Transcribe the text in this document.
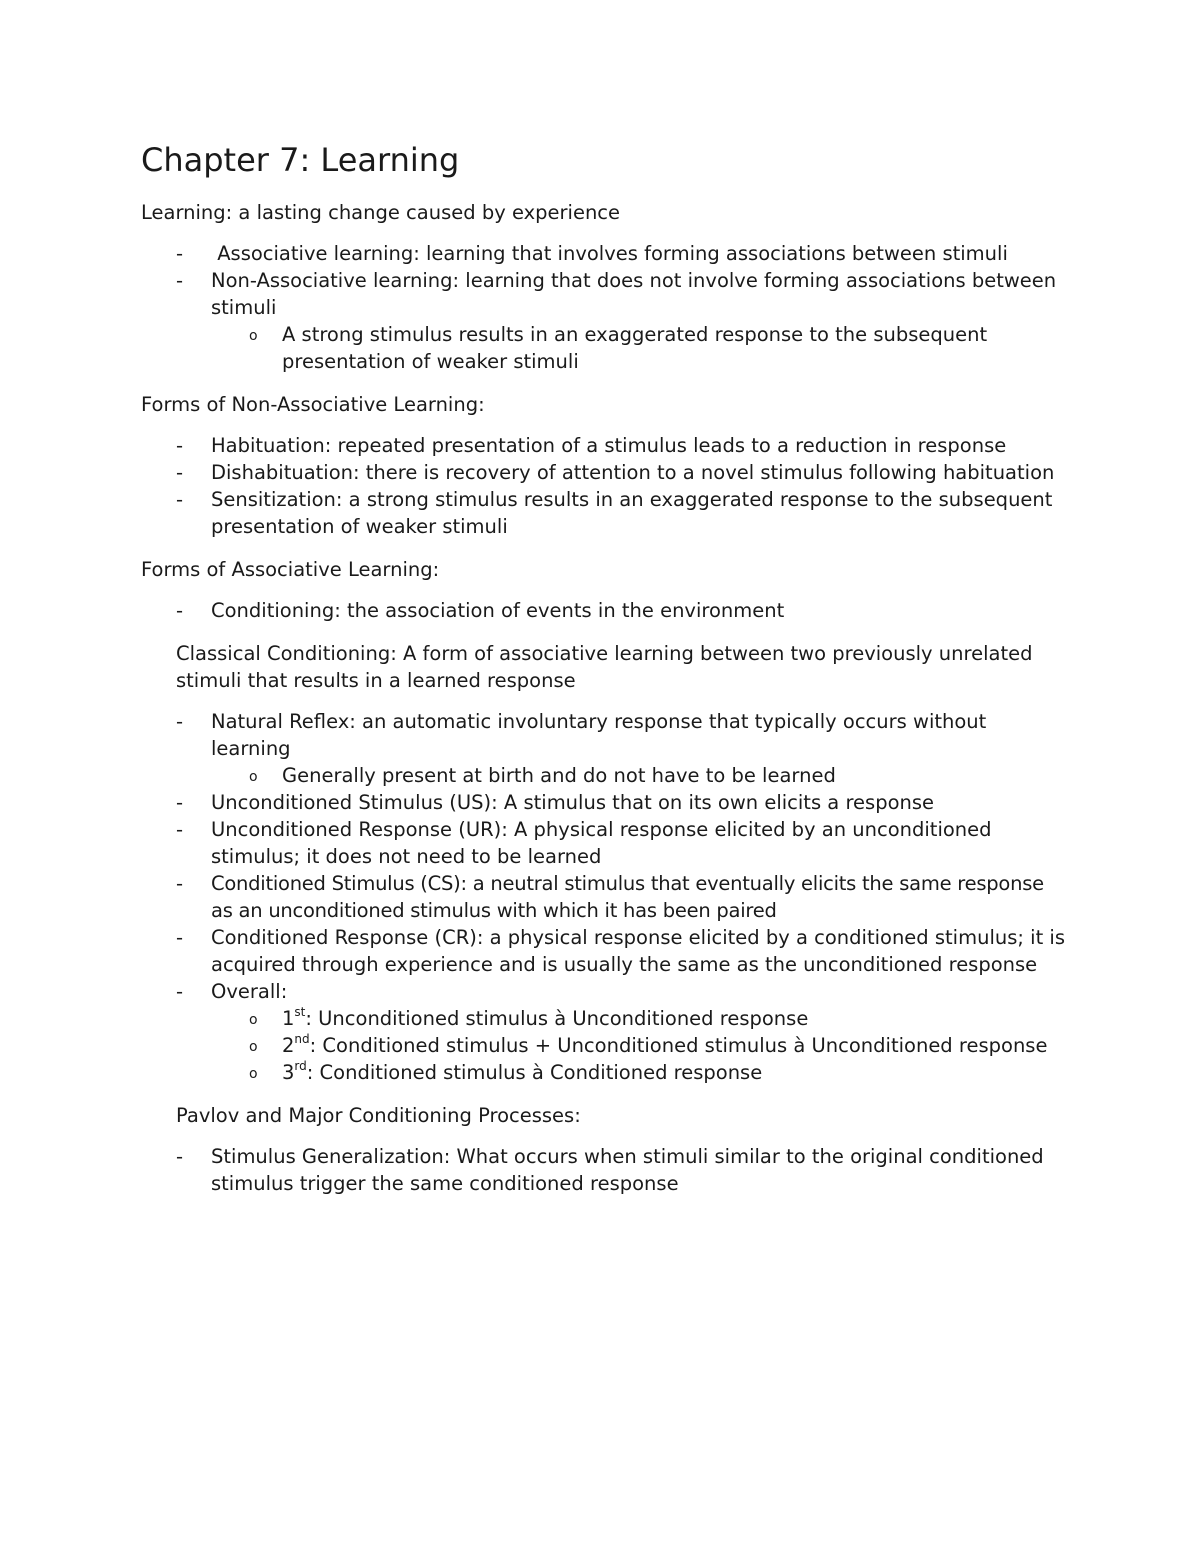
Chapter 7: Learning

Learning: a lasting change caused by experience

-  Associative learning: learning that involves forming associations between stimuli
- Non-Associative learning: learning that does not involve forming associations between stimuli
o A strong stimulus results in an exaggerated response to the subsequent presentation of weaker stimuli

Forms of Non-Associative Learning:

- Habituation: repeated presentation of a stimulus leads to a reduction in response
- Dishabituation: there is recovery of attention to a novel stimulus following habituation
- Sensitization: a strong stimulus results in an exaggerated response to the subsequent presentation of weaker stimuli

Forms of Associative Learning:

- Conditioning: the association of events in the environment

Classical Conditioning: A form of associative learning between two previously unrelated stimuli that results in a learned response

- Natural Reflex: an automatic involuntary response that typically occurs without learning
o Generally present at birth and do not have to be learned
- Unconditioned Stimulus (US): A stimulus that on its own elicits a response
- Unconditioned Response (UR): A physical response elicited by an unconditioned stimulus; it does not need to be learned
- Conditioned Stimulus (CS): a neutral stimulus that eventually elicits the same response as an unconditioned stimulus with which it has been paired
- Conditioned Response (CR): a physical response elicited by a conditioned stimulus; it is acquired through experience and is usually the same as the unconditioned response
- Overall:
o 1st: Unconditioned stimulus à Unconditioned response
o 2nd: Conditioned stimulus + Unconditioned stimulus à Unconditioned response
o 3rd: Conditioned stimulus à Conditioned response

Pavlov and Major Conditioning Processes:

- Stimulus Generalization: What occurs when stimuli similar to the original conditioned stimulus trigger the same conditioned response
